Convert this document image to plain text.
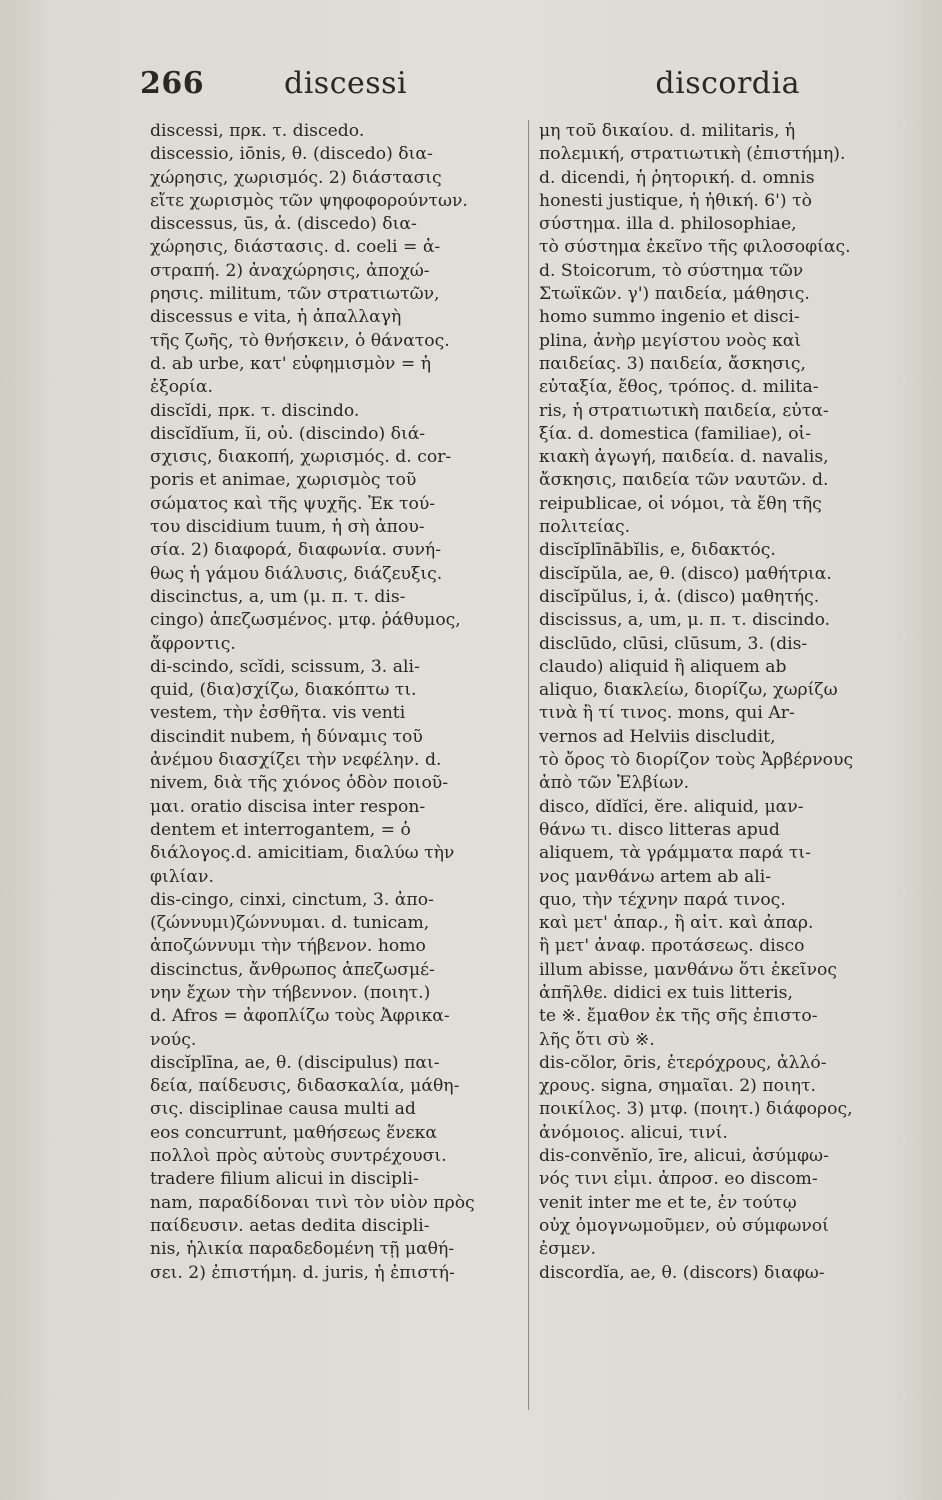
266	discessi	discordia
discessi, πρκ. τ. discedo.
discessio, iōnis, θ. (discedo) δια-
χώρησις, χωρισμός. 2) διάστασις
εἴτε χωρισμὸς τῶν ψηφοφορούντων.
discessus, ūs, ἀ. (discedo) δια-
χώρησις, διάστασις. d. coeli = ἀ-
στραπή. 2) ἀναχώρησις, ἀποχώ-
ρησις. militum, τῶν στρατιωτῶν,
discessus e vita, ἡ ἀπαλλαγὴ
τῆς ζωῆς, τὸ θνήσκειν, ὁ θάνατος.
d. ab urbe, κατ' εὐφημισμὸν = ἡ
ἐξορία.
discĭdi, πρκ. τ. discindo.
discĭdĭum, ĭi, οὐ. (discindo) διά-
σχισις, διακοπή, χωρισμός. d. cor-
poris et animae, χωρισμὸς τοῦ
σώματος καὶ τῆς ψυχῆς. Ἐκ τού-
του discidium tuum, ἡ σὴ ἀπου-
σία. 2) διαφορά, διαφωνία. συνή-
θως ἡ γάμου διάλυσις, διάζευξις.
discinctus, a, um (μ. π. τ. dis-
cingo) ἀπεζωσμένος. μτφ. ῥάθυμος,
ἄφροντις.
di-scindo, scĭdi, scissum, 3. ali-
quid, (δια)σχίζω, διακόπτω τι.
vestem, τὴν ἐσθῆτα. vis venti
discindit nubem, ἡ δύναμις τοῦ
ἀνέμου διασχίζει τὴν νεφέλην. d.
nivem, διὰ τῆς χιόνος ὁδὸν ποιοῦ-
μαι. oratio discisa inter respon-
dentem et interrogantem, = ὁ
διάλογος.d. amicitiam, διαλύω τὴν
φιλίαν.
dis-cingo, cinxi, cinctum, 3. ἀπο-
(ζώννυμι)ζώννυμαι. d. tunicam,
ἀποζώννυμι τὴν τήβενον. homo
discinctus, ἄνθρωπος ἀπεζωσμέ-
νην ἔχων τὴν τήβεννον. (ποιητ.)
d. Afros = ἀφοπλίζω τοὺς Ἀφρικα-
νούς.
discĭplīna, ae, θ. (discipulus) παι-
δεία, παίδευσις, διδασκαλία, μάθη-
σις. disciplinae causa multi ad
eos concurrunt, μαθήσεως ἕνεκα
πολλοὶ πρὸς αὐτοὺς συντρέχουσι.
tradere filium alicui in discipli-
nam, παραδίδοναι τινὶ τὸν υἱὸν πρὸς
παίδευσιν. aetas dedita discipli-
nis, ἡλικία παραδεδομένη τῇ μαθή-
σει. 2) ἐπιστήμη. d. juris, ἡ ἐπιστή-
μη τοῦ δικαίου. d. militaris, ἡ
πολεμική, στρατιωτικὴ (ἐπιστήμη).
d. dicendi, ἡ ῥητορική. d. omnis
honesti justique, ἡ ἠθική. 6') τὸ
σύστημα. illa d. philosophiae,
τὸ σύστημα ἐκεῖνο τῆς φιλοσοφίας.
d. Stoicorum, τὸ σύστημα τῶν
Στωϊκῶν. γ') παιδεία, μάθησις.
homo summo ingenio et disci-
plina, ἀνὴρ μεγίστου νοὸς καὶ
παιδείας. 3) παιδεία, ἄσκησις,
εὐταξία, ἔθος, τρόπος. d. milita-
ris, ἡ στρατιωτικὴ παιδεία, εὐτα-
ξία. d. domestica (familiae), οἰ-
κιακὴ ἀγωγή, παιδεία. d. navalis,
ἄσκησις, παιδεία τῶν ναυτῶν. d.
reipublicae, οἱ νόμοι, τὰ ἔθη τῆς
πολιτείας.
discĭplīnābĭlis, e, διδακτός.
discĭpŭla, ae, θ. (disco) μαθήτρια.
discĭpŭlus, i, ἀ. (disco) μαθητής.
discissus, a, um, μ. π. τ. discindo.
disclūdo, clūsi, clūsum, 3. (dis-
claudo) aliquid ἢ aliquem ab
aliquo, διακλείω, διορίζω, χωρίζω
τινὰ ἢ τί τινος. mons, qui Ar-
vernos ad Helviis discludit,
τὸ ὄρος τὸ διορίζον τοὺς Ἀρβέρνους
ἀπὸ τῶν Ἑλβίων.
disco, dĭdĭci, ĕre. aliquid, μαν-
θάνω τι. disco litteras apud
aliquem, τὰ γράμματα παρά τι-
νος μανθάνω artem ab ali-
quo, τὴν τέχνην παρά τινος.
καὶ μετ' ἀπαρ., ἢ αἰτ. καὶ ἀπαρ.
ἢ μετ' ἀναφ. προτάσεως. disco
illum abisse, μανθάνω ὅτι ἐκεῖνος
ἀπῆλθε. didici ex tuis litteris,
te ※. ἔμαθον ἐκ τῆς σῆς ἐπιστο-
λῆς ὅτι σὺ ※.
dis-cŏlor, ōris, ἑτερόχρους, ἀλλό-
χρους. signa, σημαῖαι. 2) ποιητ.
ποικίλος. 3) μτφ. (ποιητ.) διάφορος,
ἀνόμοιος. alicui, τινί.
dis-convĕnĭo, īre, alicui, ἀσύμφω-
νός τινι εἰμι. ἀπροσ. eo discom-
venit inter me et te, ἐν τούτῳ
οὐχ ὁμογνωμοῦμεν, οὐ σύμφωνοί
ἐσμεν.
discordĭa, ae, θ. (discors) διαφω-
